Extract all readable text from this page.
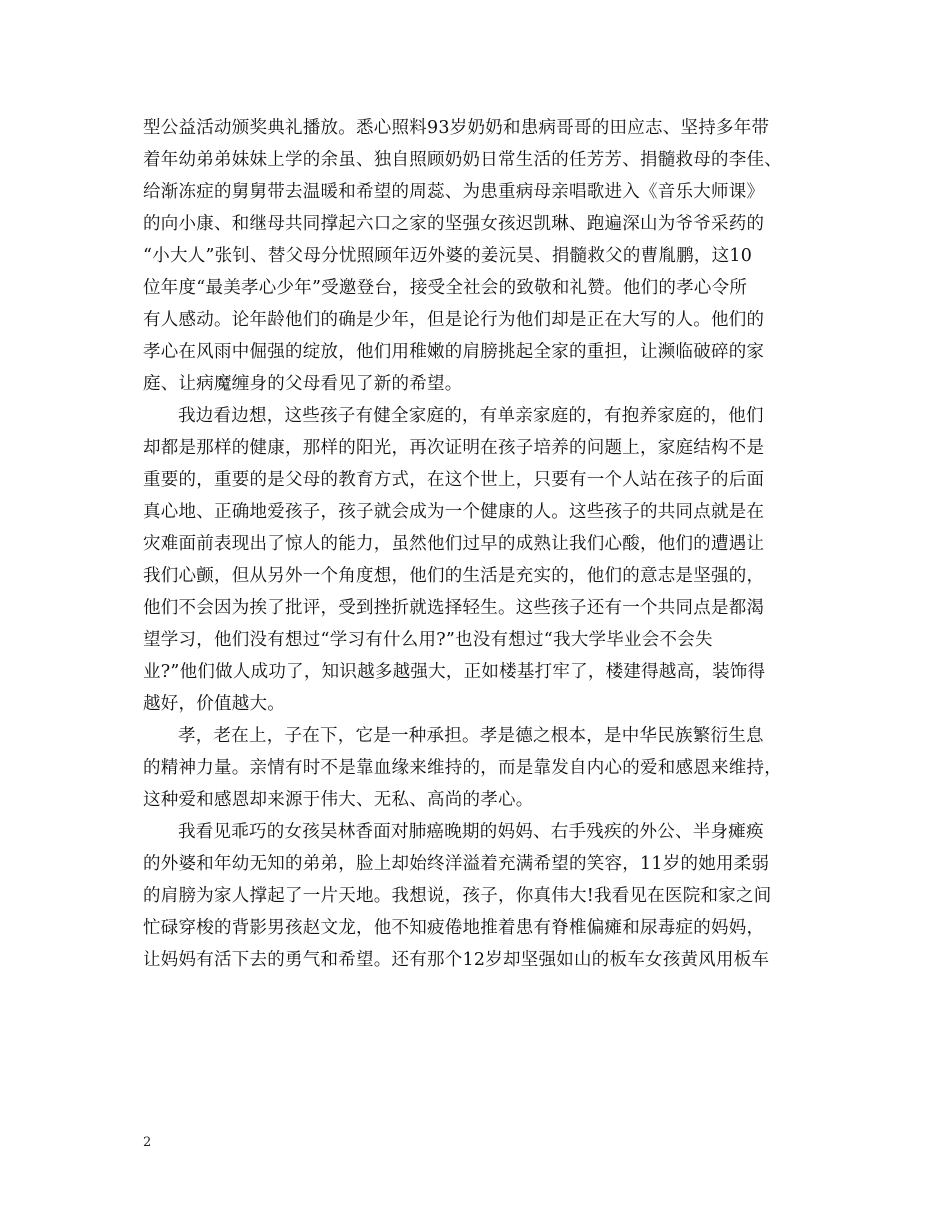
型公益活动颁奖典礼播放。悉心照料93岁奶奶和患病哥哥的田应志、坚持多年带
着年幼弟弟妹妹上学的余虽、独自照顾奶奶日常生活的任芳芳、捐髓救母的李佳、
给渐冻症的舅舅带去温暖和希望的周蕊、为患重病母亲唱歌进入《音乐大师课》
的向小康、和继母共同撑起六口之家的坚强女孩迟凯琳、跑遍深山为爷爷采药的
“小大人”张钊、替父母分忧照顾年迈外婆的姜沅昊、捐髓救父的曹胤鹏，这10
位年度“最美孝心少年”受邀登台，接受全社会的致敬和礼赞。他们的孝心令所
有人感动。论年龄他们的确是少年，但是论行为他们却是正在大写的人。他们的
孝心在风雨中倔强的绽放，他们用稚嫩的肩膀挑起全家的重担，让濒临破碎的家
庭、让病魔缠身的父母看见了新的希望。
我边看边想，这些孩子有健全家庭的，有单亲家庭的，有抱养家庭的，他们
却都是那样的健康，那样的阳光，再次证明在孩子培养的问题上，家庭结构不是
重要的，重要的是父母的教育方式，在这个世上，只要有一个人站在孩子的后面
真心地、正确地爱孩子，孩子就会成为一个健康的人。这些孩子的共同点就是在
灾难面前表现出了惊人的能力，虽然他们过早的成熟让我们心酸，他们的遭遇让
我们心颤，但从另外一个角度想，他们的生活是充实的，他们的意志是坚强的，
他们不会因为挨了批评，受到挫折就选择轻生。这些孩子还有一个共同点是都渴
望学习，他们没有想过“学习有什么用?”也没有想过“我大学毕业会不会失
业?”他们做人成功了，知识越多越强大，正如楼基打牢了，楼建得越高，装饰得
越好，价值越大。
孝，老在上，子在下，它是一种承担。孝是德之根本，是中华民族繁衍生息
的精神力量。亲情有时不是靠血缘来维持的，而是靠发自内心的爱和感恩来维持，
这种爱和感恩却来源于伟大、无私、高尚的孝心。
我看见乖巧的女孩吴林香面对肺癌晚期的妈妈、右手残疾的外公、半身瘫痪
的外婆和年幼无知的弟弟，脸上却始终洋溢着充满希望的笑容，11岁的她用柔弱
的肩膀为家人撑起了一片天地。我想说，孩子，你真伟大!我看见在医院和家之间
忙碌穿梭的背影男孩赵文龙，他不知疲倦地推着患有脊椎偏瘫和尿毒症的妈妈，
让妈妈有活下去的勇气和希望。还有那个12岁却坚强如山的板车女孩黄风用板车
2
